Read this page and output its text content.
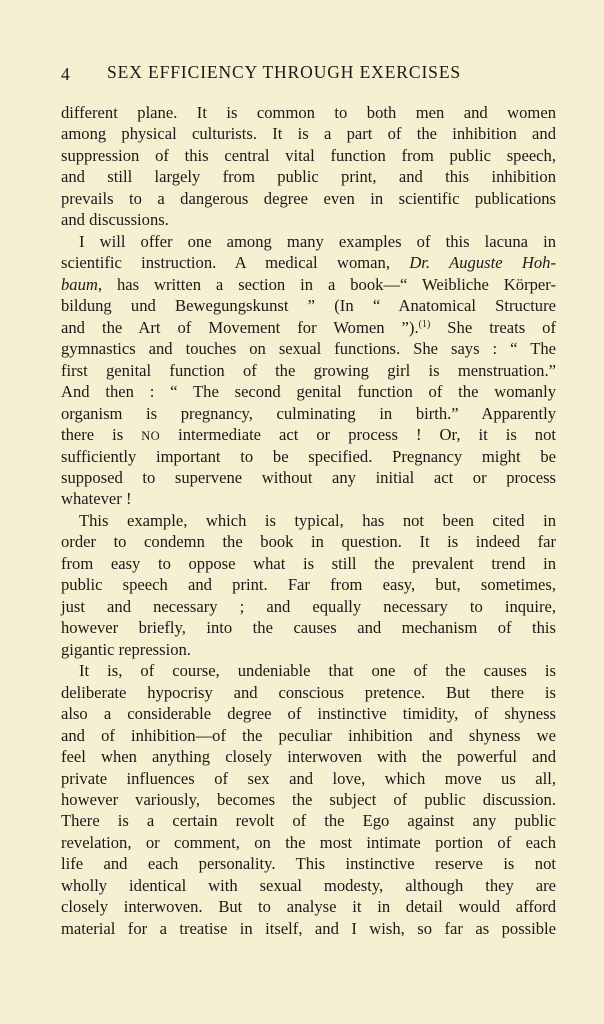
4 SEX EFFICIENCY THROUGH EXERCISES
different plane. It is common to both men and women
among physical culturists. It is a part of the inhibition and
suppression of this central vital function from public speech,
and still largely from public print, and this inhibition
prevails to a dangerous degree even in scientific publications
and discussions.
I will offer one among many examples of this lacuna in
scientific instruction. A medical woman, Dr. Auguste Hoh-
baum, has written a section in a book—“ Weibliche Körper-
bildung und Bewegungskunst ” (In “ Anatomical Structure
and the Art of Movement for Women ”).$^{(1)}$ She treats of
gymnastics and touches on sexual functions. She says : “ The
first genital function of the growing girl is menstruation.”
And then : “ The second genital function of the womanly
organism is pregnancy, culminating in birth.” Apparently
there is NO intermediate act or process ! Or, it is not
sufficiently important to be specified. Pregnancy might be
supposed to supervene without any initial act or process
whatever !
This example, which is typical, has not been cited in
order to condemn the book in question. It is indeed far
from easy to oppose what is still the prevalent trend in
public speech and print. Far from easy, but, sometimes,
just and necessary ; and equally necessary to inquire,
however briefly, into the causes and mechanism of this
gigantic repression.
It is, of course, undeniable that one of the causes is
deliberate hypocrisy and conscious pretence. But there is
also a considerable degree of instinctive timidity, of shyness
and of inhibition—of the peculiar inhibition and shyness we
feel when anything closely interwoven with the powerful and
private influences of sex and love, which move us all,
however variously, becomes the subject of public discussion.
There is a certain revolt of the Ego against any public
revelation, or comment, on the most intimate portion of each
life and each personality. This instinctive reserve is not
wholly identical with sexual modesty, although they are
closely interwoven. But to analyse it in detail would afford
material for a treatise in itself, and I wish, so far as possible
